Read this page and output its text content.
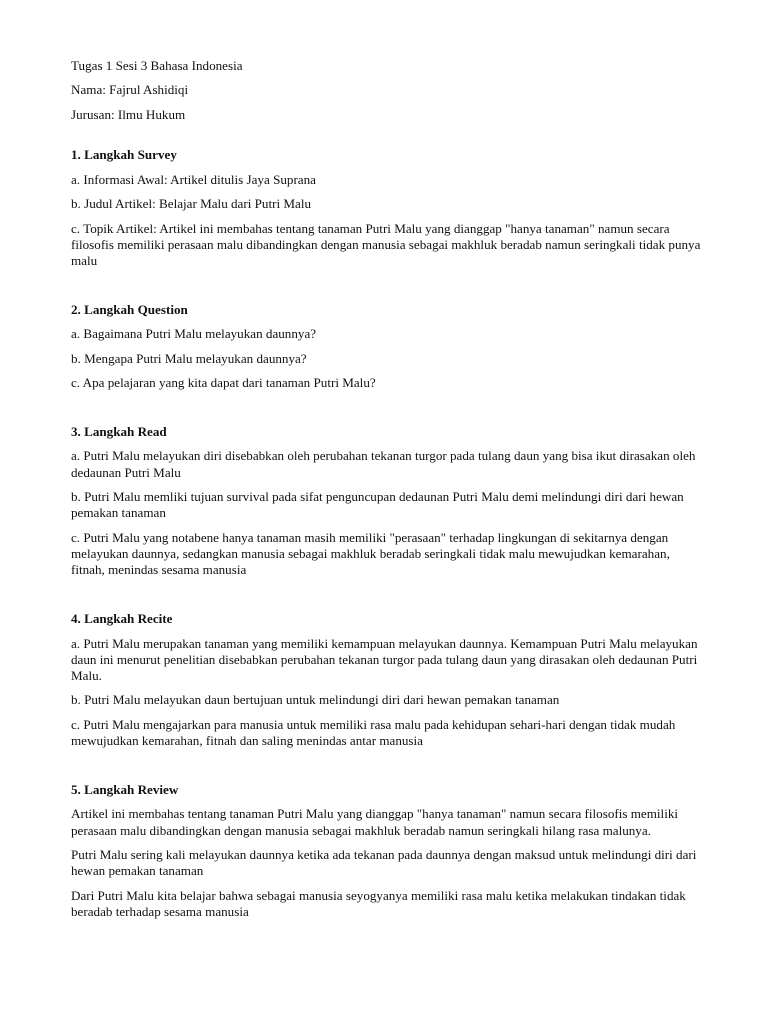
Tugas 1 Sesi 3 Bahasa Indonesia

Nama: Fajrul Ashidiqi

Jurusan: Ilmu Hukum

1. Langkah Survey

a. Informasi Awal: Artikel ditulis Jaya Suprana

b. Judul Artikel: Belajar Malu dari Putri Malu

c. Topik Artikel: Artikel ini membahas tentang tanaman Putri Malu yang dianggap "hanya tanaman" namun secara filosofis memiliki perasaan malu dibandingkan dengan manusia sebagai makhluk beradab namun seringkali tidak punya malu

2. Langkah Question

a. Bagaimana Putri Malu melayukan daunnya?

b. Mengapa Putri Malu melayukan daunnya?

c. Apa pelajaran yang kita dapat dari tanaman Putri Malu?

3. Langkah Read

a. Putri Malu melayukan diri disebabkan oleh perubahan tekanan turgor pada tulang daun yang bisa ikut dirasakan oleh dedaunan Putri Malu

b. Putri Malu memliki tujuan survival pada sifat penguncupan dedaunan Putri Malu demi melindungi diri dari hewan pemakan tanaman

c. Putri Malu yang notabene hanya tanaman masih memiliki "perasaan" terhadap lingkungan di sekitarnya dengan melayukan daunnya, sedangkan manusia sebagai makhluk beradab seringkali tidak malu mewujudkan kemarahan, fitnah, menindas sesama manusia

4. Langkah Recite

a. Putri Malu merupakan tanaman yang memiliki kemampuan melayukan daunnya. Kemampuan Putri Malu melayukan daun ini menurut penelitian disebabkan perubahan tekanan turgor pada tulang daun yang dirasakan oleh dedaunan Putri Malu.

b. Putri Malu melayukan daun bertujuan untuk melindungi diri dari hewan pemakan tanaman

c. Putri Malu mengajarkan para manusia untuk memiliki rasa malu pada kehidupan sehari-hari dengan tidak mudah mewujudkan kemarahan, fitnah dan saling menindas antar manusia

5. Langkah Review

Artikel ini membahas tentang tanaman Putri Malu yang dianggap "hanya tanaman" namun secara filosofis memiliki perasaan malu dibandingkan dengan manusia sebagai makhluk beradab namun seringkali hilang rasa malunya.

Putri Malu sering kali melayukan daunnya ketika ada tekanan pada daunnya dengan maksud untuk melindungi diri dari hewan pemakan tanaman

Dari Putri Malu kita belajar bahwa sebagai manusia seyogyanya memiliki rasa malu ketika melakukan tindakan tidak beradab terhadap sesama manusia
